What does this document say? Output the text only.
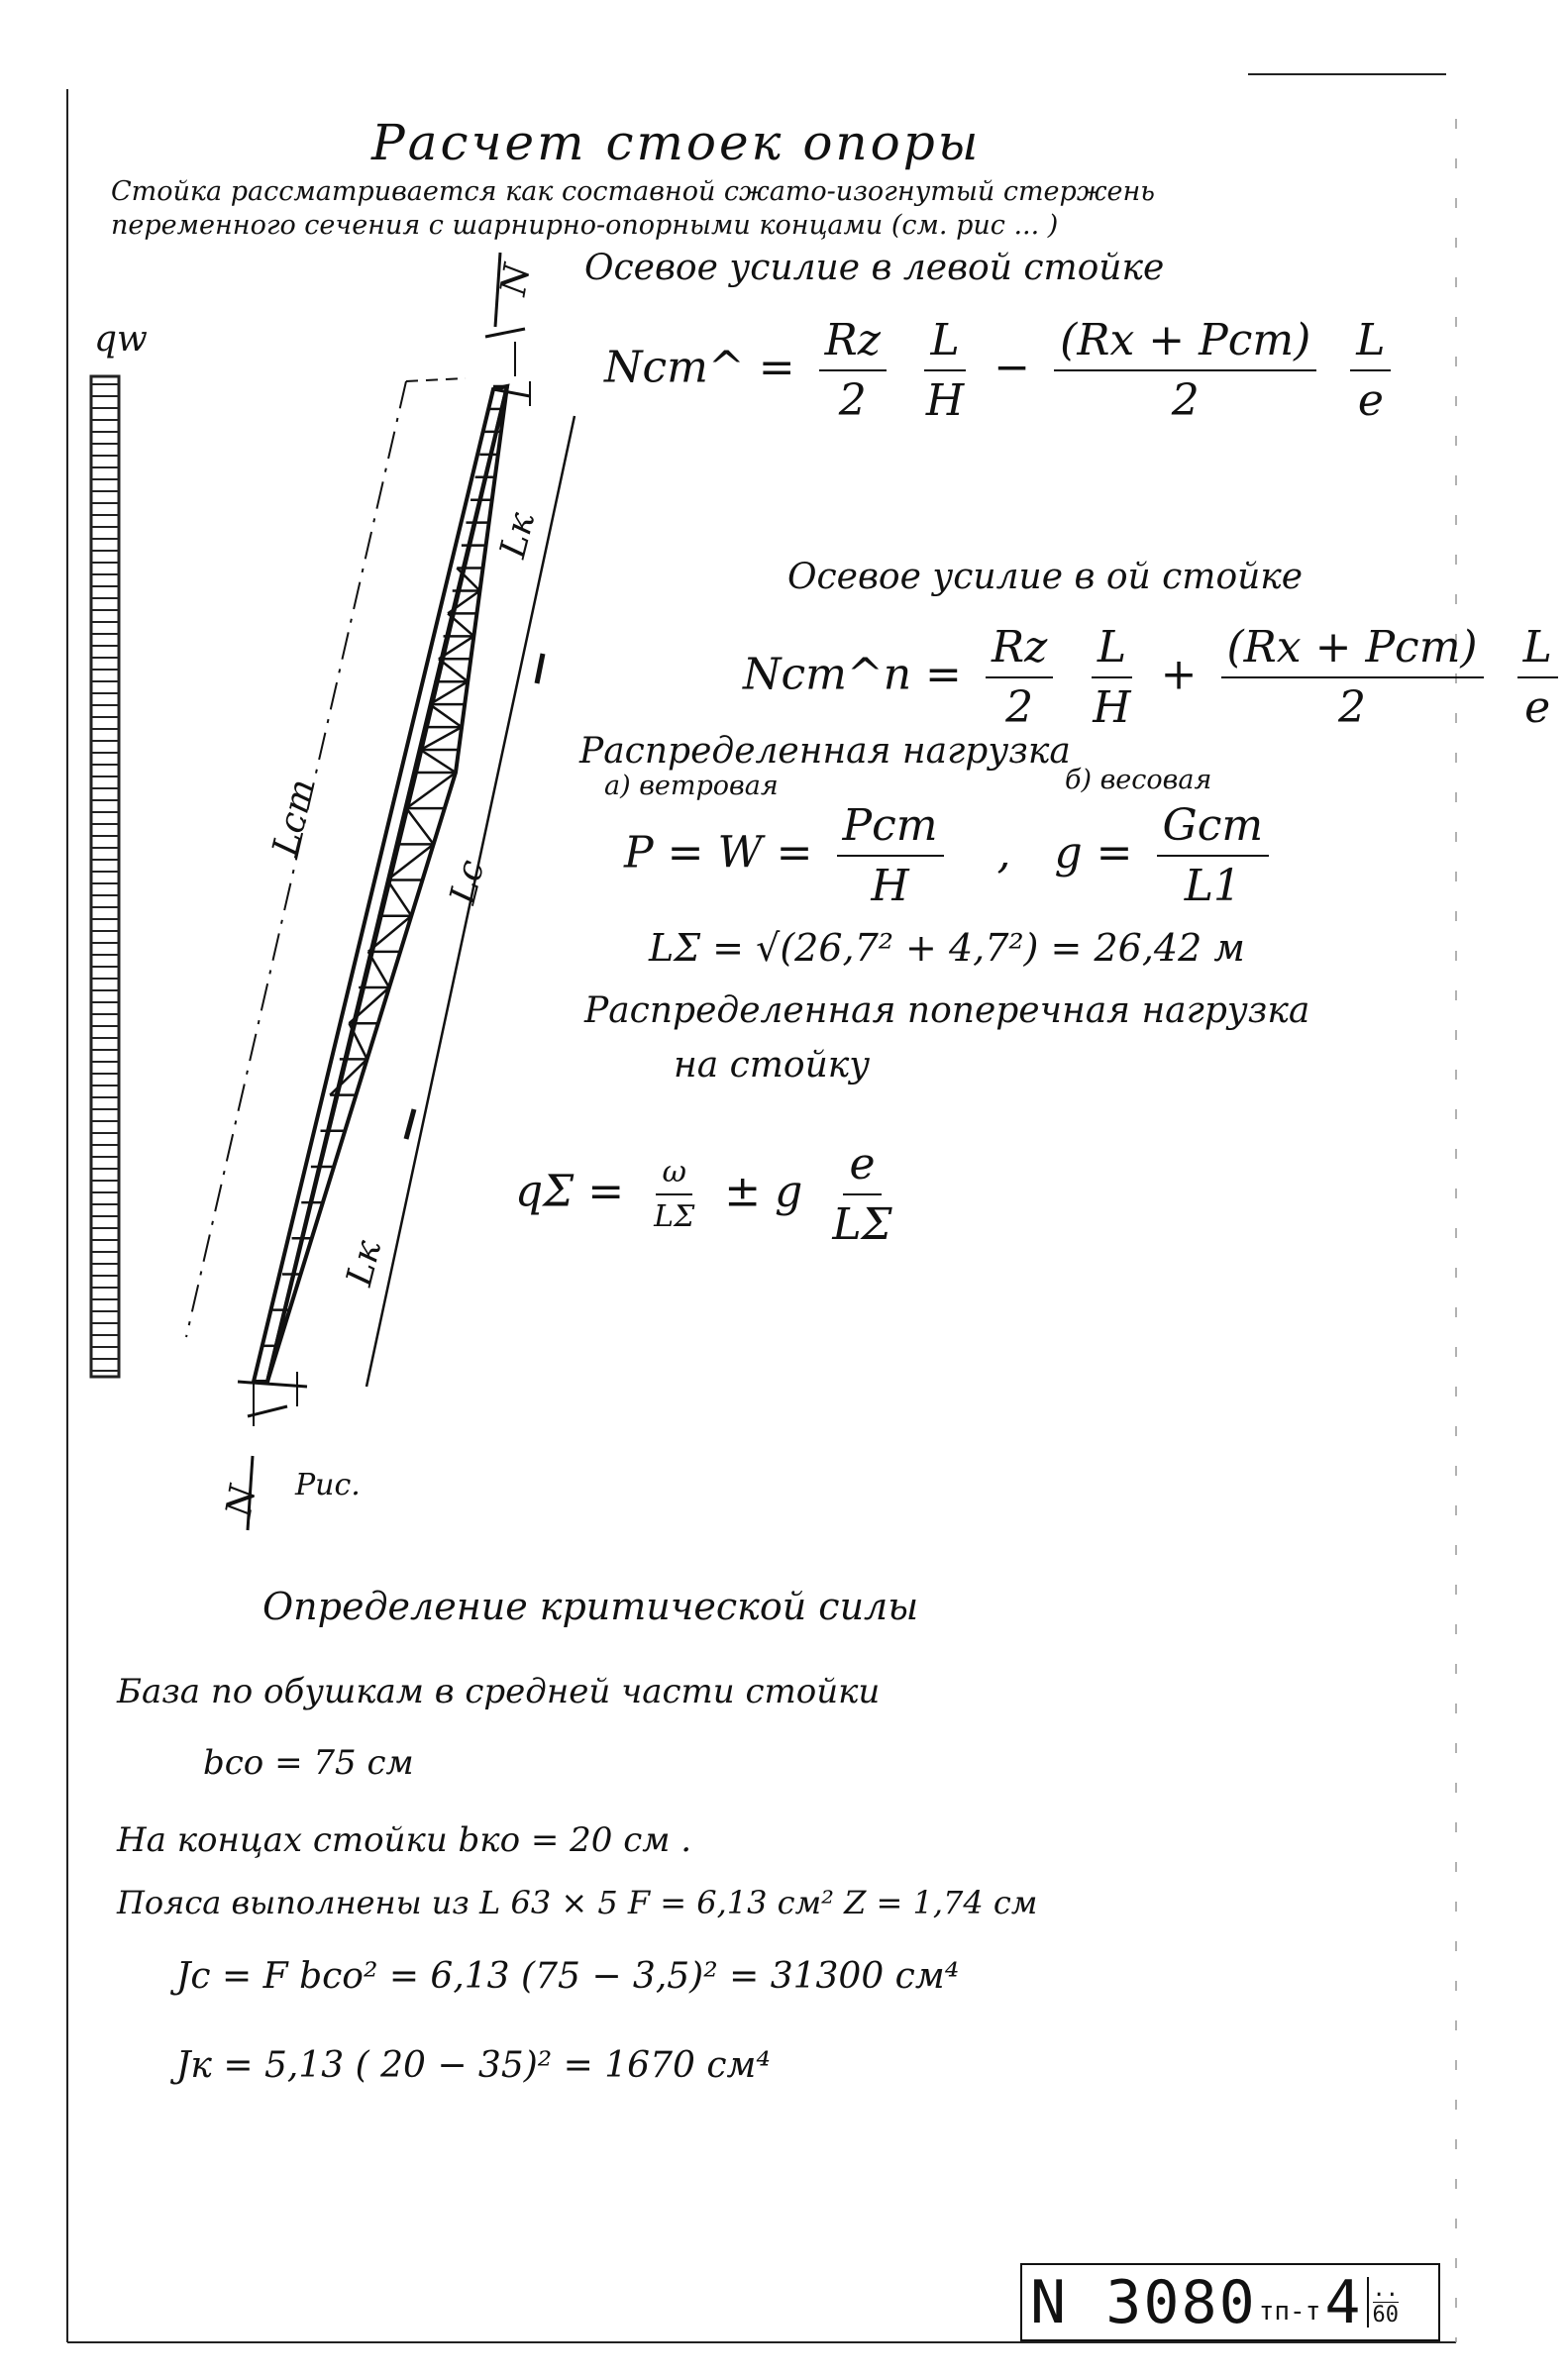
qw
Lст
Lc
Lк
Lк
N
N Рис.
Расчет стоек опоры
Стойка рассматривается как составной сжато-изогнутый стержень
переменного сечения с шарнирно-опорными концами (см. рис ... )
Осевое усилие в левой стойке
Nст^ = $\frac{Rz}{2}$
$\frac{L}{H} - \frac{\text{(Rx + Pст)}}{2}$
$\frac{L}{e}$
Осевое усилие в ой стойке
Nст^n = $\frac{Rz}{2}$
$\frac{L}{H} + \frac{\text{(Rx + Pст)}}{2}$
$\frac{L}{e}$
Распределенная нагрузка
а) ветровая	б) весовая
$P = W = \frac{\text{Pст}}{H}$ , $g = \frac{\text{Gст}}{L1}$
LΣ = √(26,7² + 4,7²) = 26,42 м
Распределенная поперечная нагрузка
на стойку
$q\Sigma = \frac{\omega}{L\Sigma} \pm g \frac{e}{L\Sigma}$
Определение критической силы
База по обушкам в средней части стойки
bсо = 75 см
На концах стойки bко = 20 см .
Пояса выполнены из L 63 × 5 F = 6,13 см² Z = 1,74 см
Jс = F bсо² = 6,13 (75 − 3,5)² = 31300 см⁴
Jк = 5,13 ( 20 − 35)² = 1670 см⁴
N 3080 тп-т 4 ..
60
